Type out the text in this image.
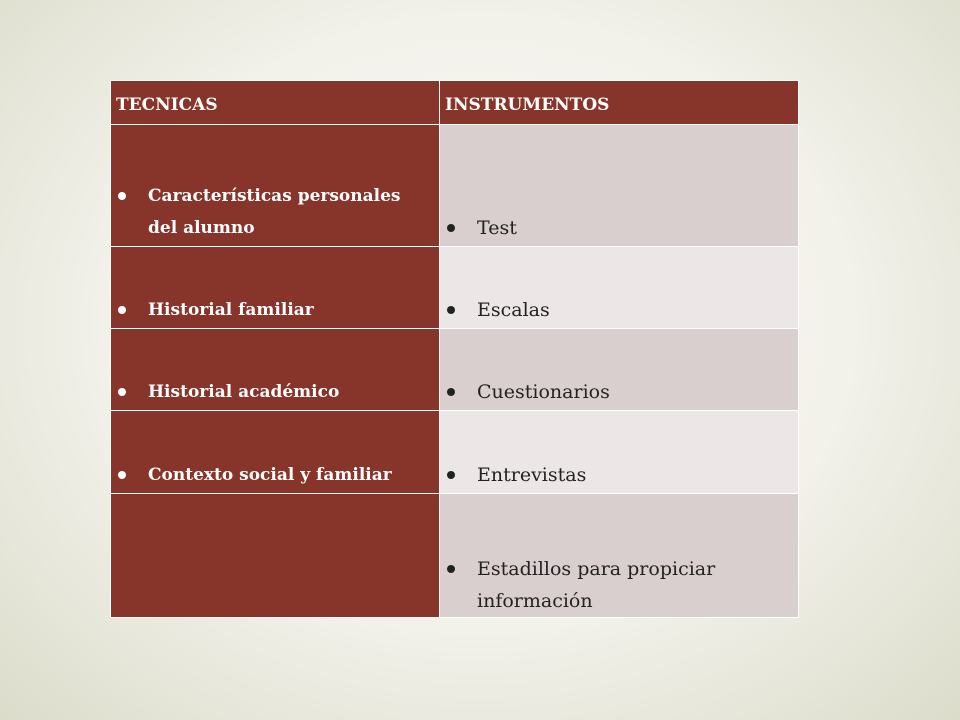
TECNICAS	INSTRUMENTOS

Características personales del alumno	Test

Historial familiar	Escalas

Historial académico	Cuestionarios

Contexto social y familiar	Entrevistas

	Estadillos para propiciar información
